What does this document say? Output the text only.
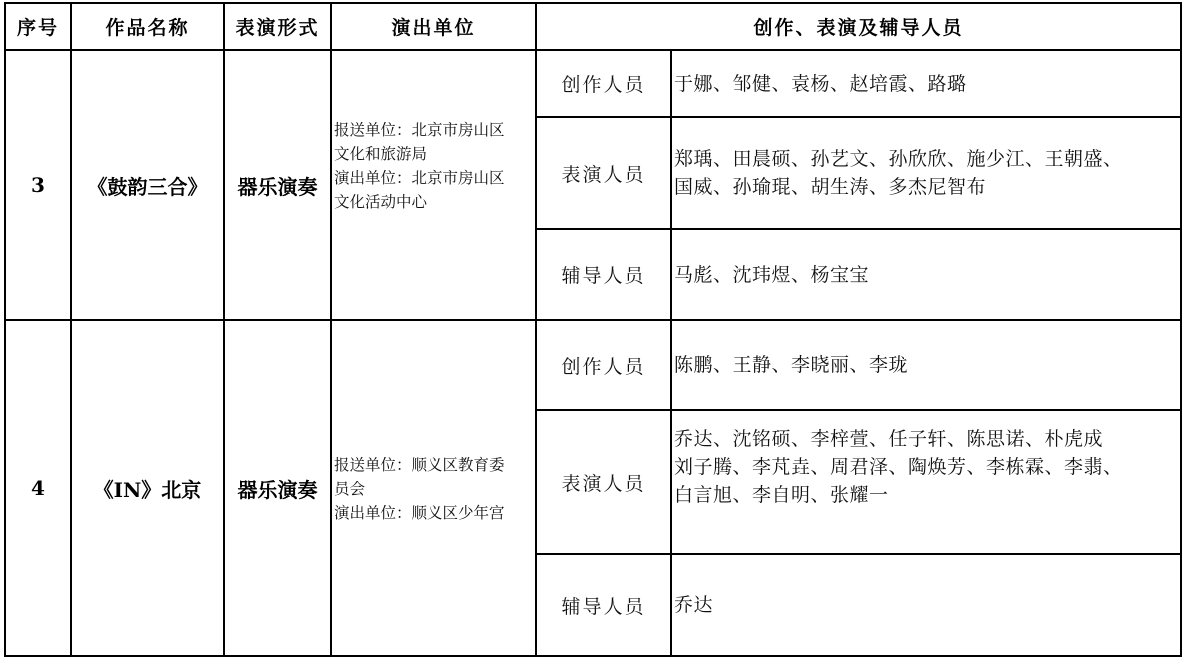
序号	作品名称	表演形式	演出单位	创作、表演及辅导人员	
3	《鼓韵三合》	器乐演奏	报送单位：北京市房山区
文化和旅游局
演出单位：北京市房山区
文化活动中心	创作人员	于娜、邹健、袁杨、赵培霞、路璐

				表演人员	郑瑀、田晨硕、孙艺文、孙欣欣、施少江、王朝盛、
国威、孙瑜琨、胡生涛、多杰尼智布

				辅导人员	马彪、沈玮煜、杨宝宝

4	《IN》北京	器乐演奏	报送单位：顺义区教育委
员会
演出单位：顺义区少年宫	创作人员	陈鹏、王静、李晓丽、李珑

				表演人员	乔达、沈铭硕、李梓萱、任子轩、陈思诺、朴虎成
刘子腾、李芃垚、周君泽、陶焕芳、李栋霖、李翡、
白言旭、李自明、张耀一

				辅导人员	乔达
